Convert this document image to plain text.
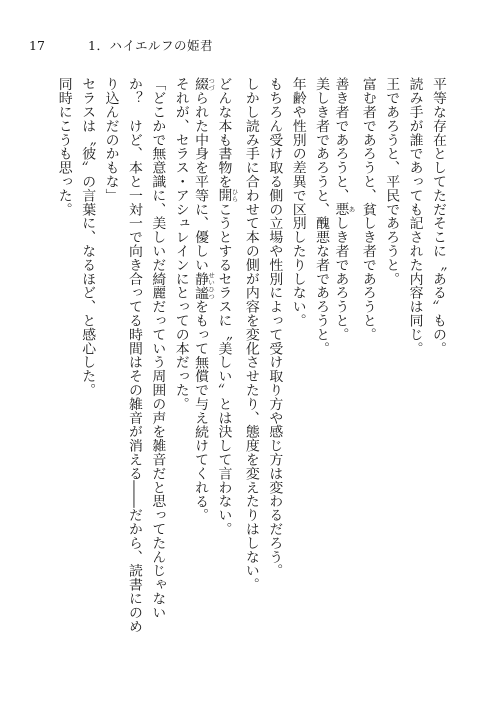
17	1．ハイエルフの姫君
平等な存在としてただそこに〝ある〟もの。
読み手が誰であっても記された内容は同じ。
王であろうと、平民であろうと。
富む者であろうと、貧しき者であろうと。
善き者であろうと、悪 あしき者であろうと。
美しき者であろうと、醜悪な者であろうと。
年齢や性別の差異で区別したりしない。
もちろん受け取る側の立場や性別によって受け取り方や感じ方は変わるだろう。
しかし読み手に合わせて本の側が内容を変化させたり、態度を変えたりはしない。
どんな本も書物を開 ひらこうとするセラスに〝美しい〟とは決して言わない。
綴 つづられた中身を平等に、優しい静謐 せいひつをもって無償で与え続けてくれる。
それが、セラス・アシュレインにとっての本だった。
「どこかで無意識に、美しいだ綺麗だっていう周囲の声を雑音だと思ってたんじゃない
か？　けど、本と一対一で向き合ってる時間はその雑音が消える――だから、読書にのめ
り込んだのかもな」
セラスは〝彼〟の言葉に、なるほど、と感心した。
同時にこうも思った。
